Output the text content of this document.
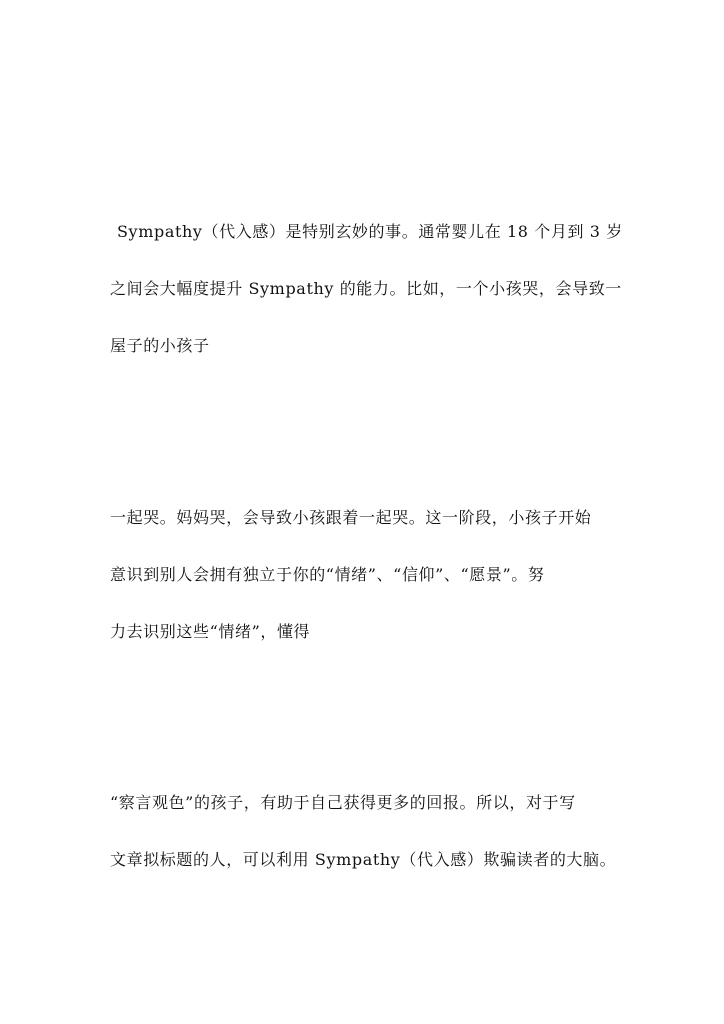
Sympathy（代入感）是特别玄妙的事。通常婴儿在 18 个月到 3 岁
之间会大幅度提升 Sympathy 的能力。比如，一个小孩哭，会导致一
屋子的小孩子
一起哭。妈妈哭，会导致小孩跟着一起哭。这一阶段，小孩子开始
意识到别人会拥有独立于你的“情绪”、“信仰”、“愿景”。努
力去识别这些“情绪”，懂得
“察言观色”的孩子，有助于自己获得更多的回报。所以，对于写
文章拟标题的人，可以利用 Sympathy（代入感）欺骗读者的大脑。
